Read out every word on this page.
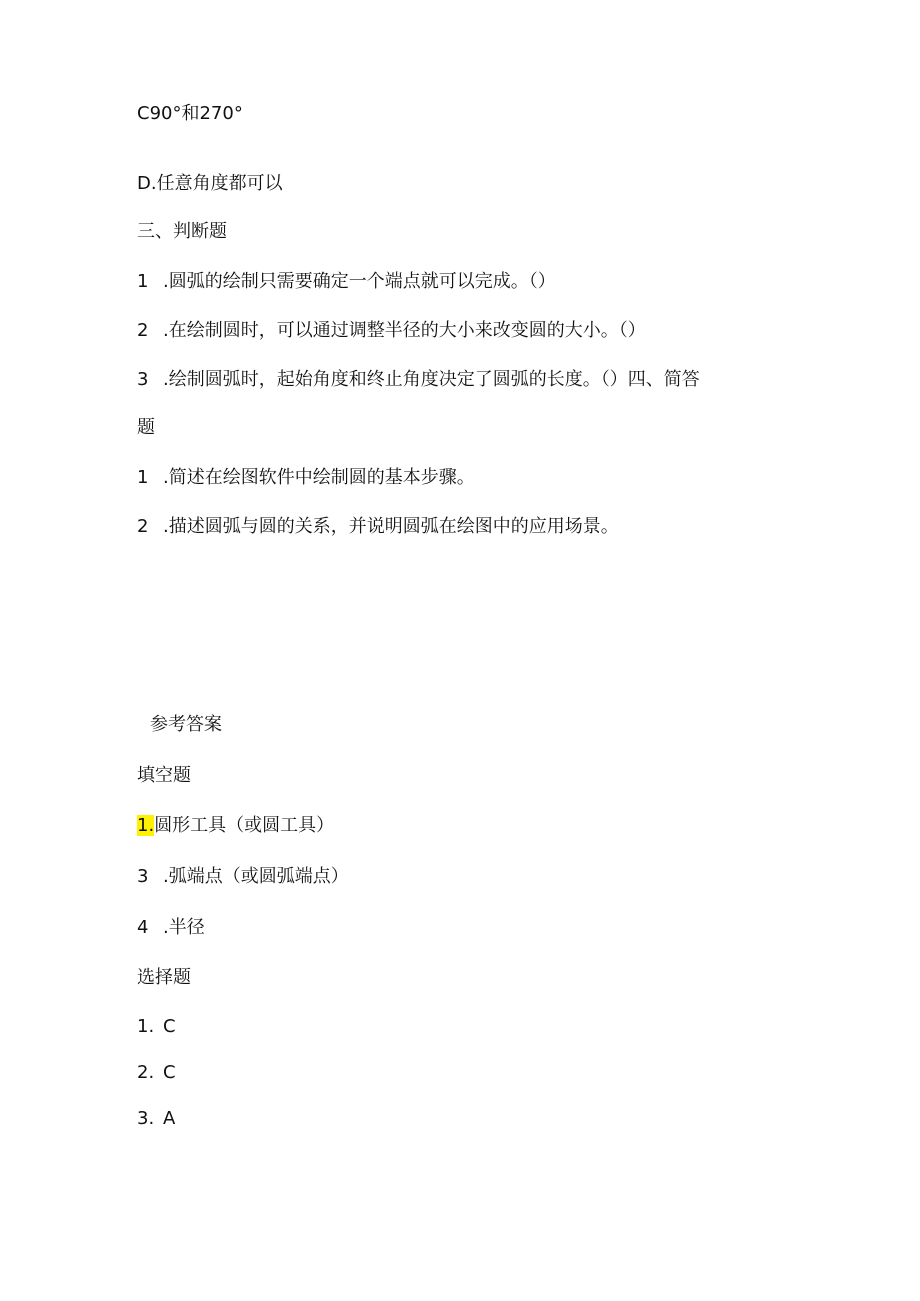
C90°和270°
D.任意角度都可以
三、判断题
1 .圆弧的绘制只需要确定一个端点就可以完成。（）
2 .在绘制圆时，可以通过调整半径的大小来改变圆的大小。（）
3 .绘制圆弧时，起始角度和终止角度决定了圆弧的长度。（）四、简答
题
1 .简述在绘图软件中绘制圆的基本步骤。
2 .描述圆弧与圆的关系，并说明圆弧在绘图中的应用场景。
参考答案
填空题
1.圆形工具（或圆工具）
3 .弧端点（或圆弧端点）
4 .半径
选择题
1. C
2. C
3. A
